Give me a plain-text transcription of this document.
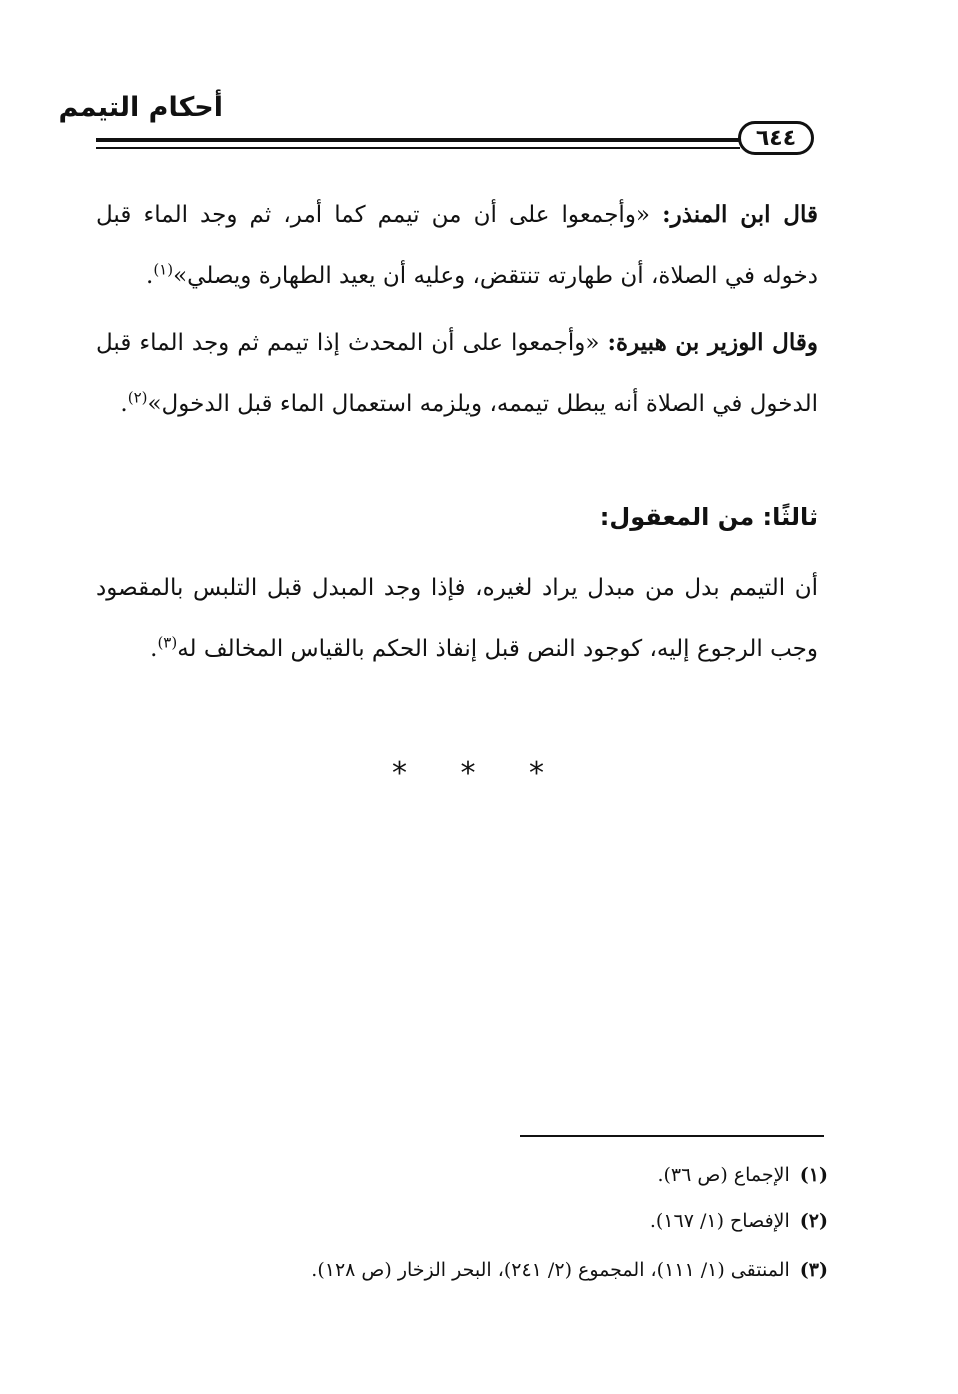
أحكام التيمم
٦٤٤
قال ابن المنذر: «وأجمعوا على أن من تيمم كما أمر، ثم وجد الماء قبل دخوله في الصلاة، أن طهارته تنتقض، وعليه أن يعيد الطهارة ويصلي»$^{(١)}$.
وقال الوزير بن هبيرة: «وأجمعوا على أن المحدث إذا تيمم ثم وجد الماء قبل الدخول في الصلاة أنه يبطل تيممه، ويلزمه استعمال الماء قبل الدخول»$^{(٢)}$.
ثالثًا: من المعقول:
أن التيمم بدل من مبدل يراد لغيره، فإذا وجد المبدل قبل التلبس بالمقصود وجب الرجوع إليه، كوجود النص قبل إنفاذ الحكم بالقياس المخالف له$^{(٣)}$.
* * *
(١)الإجماع (ص ٣٦).
(٢)الإفصاح (١/ ١٦٧).
(٣)المنتقى (١/ ١١١)، المجموع (٢/ ٢٤١)، البحر الزخار (ص ١٢٨).
